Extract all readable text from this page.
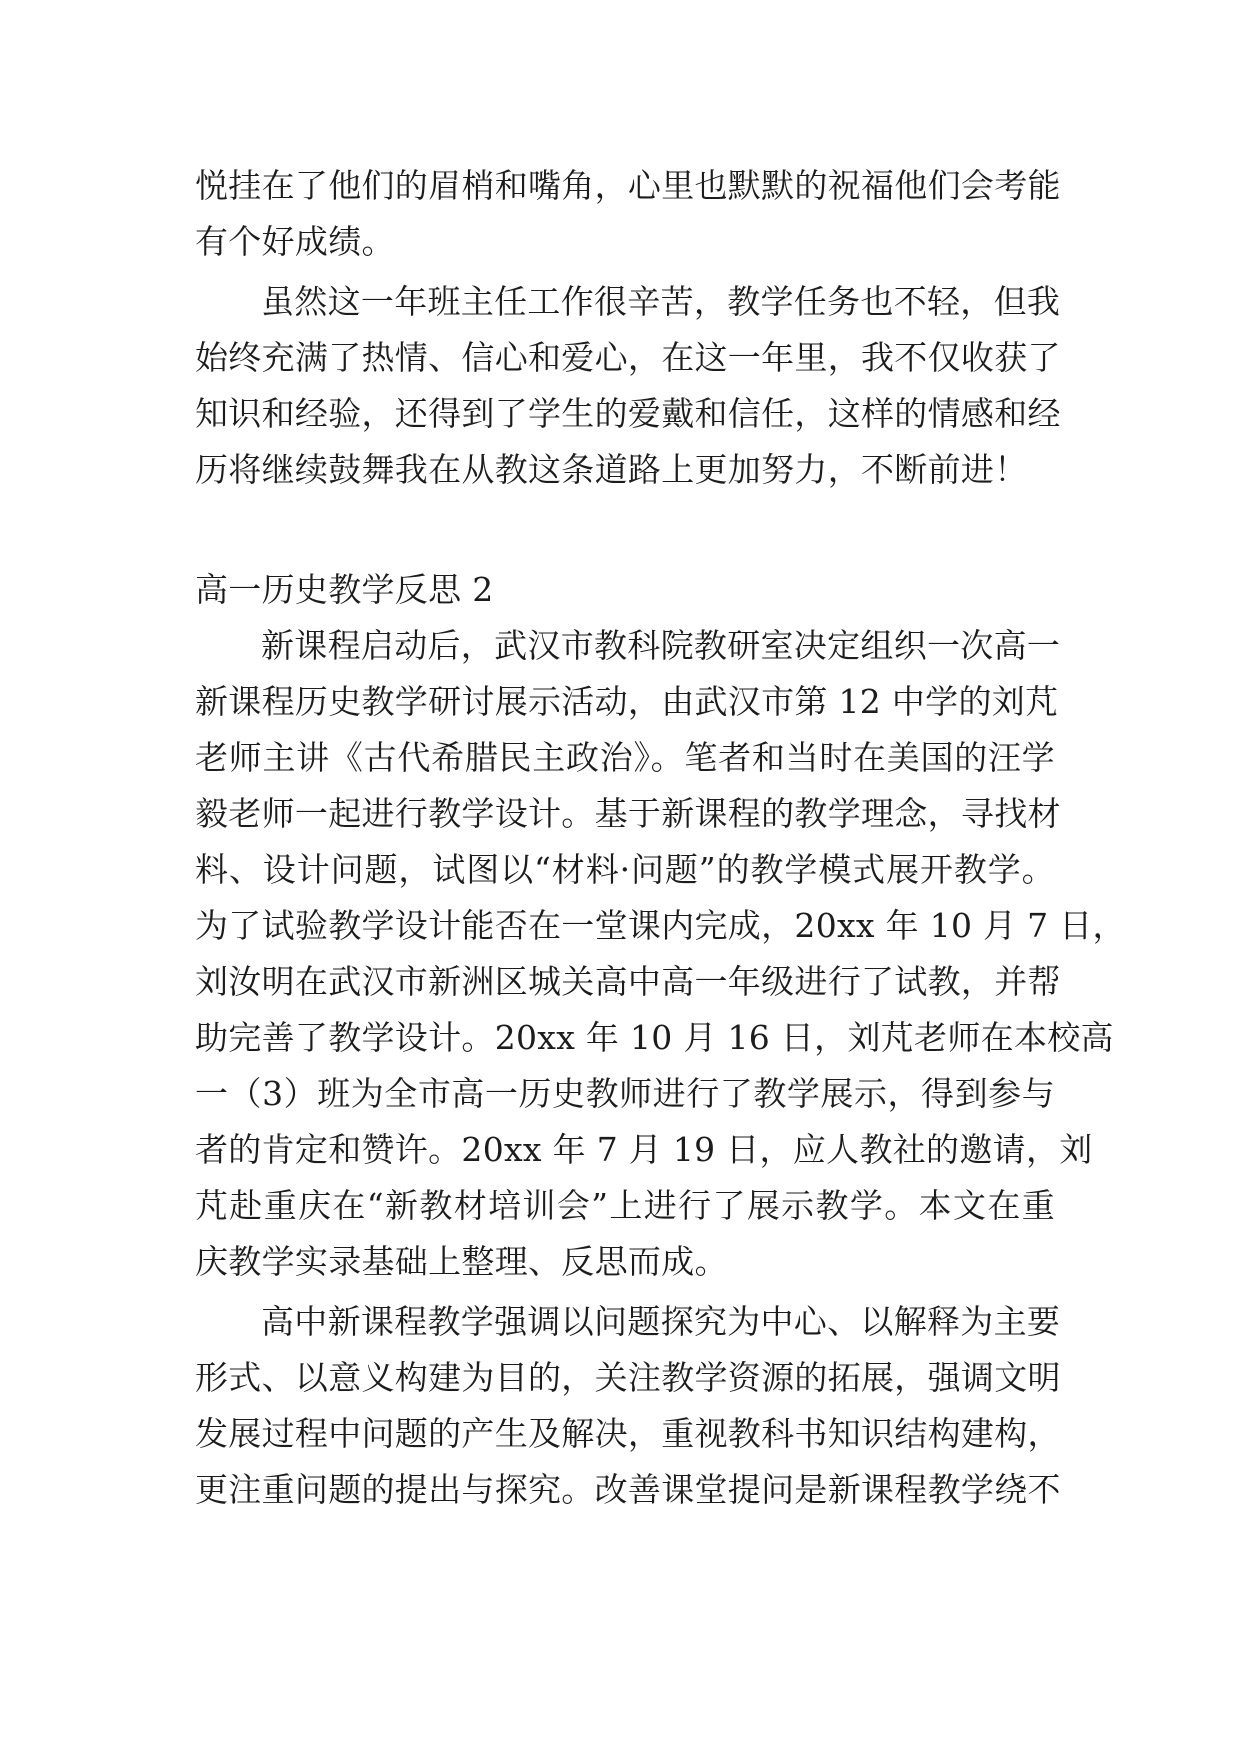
悦挂在了他们的眉梢和嘴角，心里也默默的祝福他们会考能
有个好成绩。
虽然这一年班主任工作很辛苦，教学任务也不轻，但我
始终充满了热情、信心和爱心，在这一年里，我不仅收获了
知识和经验，还得到了学生的爱戴和信任，这样的情感和经
历将继续鼓舞我在从教这条道路上更加努力，不断前进！
高一历史教学反思 2
新课程启动后，武汉市教科院教研室决定组织一次高一
新课程历史教学研讨展示活动，由武汉市第 12 中学的刘芃
老师主讲《古代希腊民主政治》。笔者和当时在美国的汪学
毅老师一起进行教学设计。基于新课程的教学理念，寻找材
料、设计问题，试图以“材料·问题”的教学模式展开教学。
为了试验教学设计能否在一堂课内完成，20xx 年 10 月 7 日，
刘汝明在武汉市新洲区城关高中高一年级进行了试教，并帮
助完善了教学设计。20xx 年 10 月 16 日，刘芃老师在本校高
一（3）班为全市高一历史教师进行了教学展示，得到参与
者的肯定和赞许。20xx 年 7 月 19 日，应人教社的邀请，刘
芃赴重庆在“新教材培训会”上进行了展示教学。本文在重
庆教学实录基础上整理、反思而成。
高中新课程教学强调以问题探究为中心、以解释为主要
形式、以意义构建为目的，关注教学资源的拓展，强调文明
发展过程中问题的产生及解决，重视教科书知识结构建构，
更注重问题的提出与探究。改善课堂提问是新课程教学绕不
